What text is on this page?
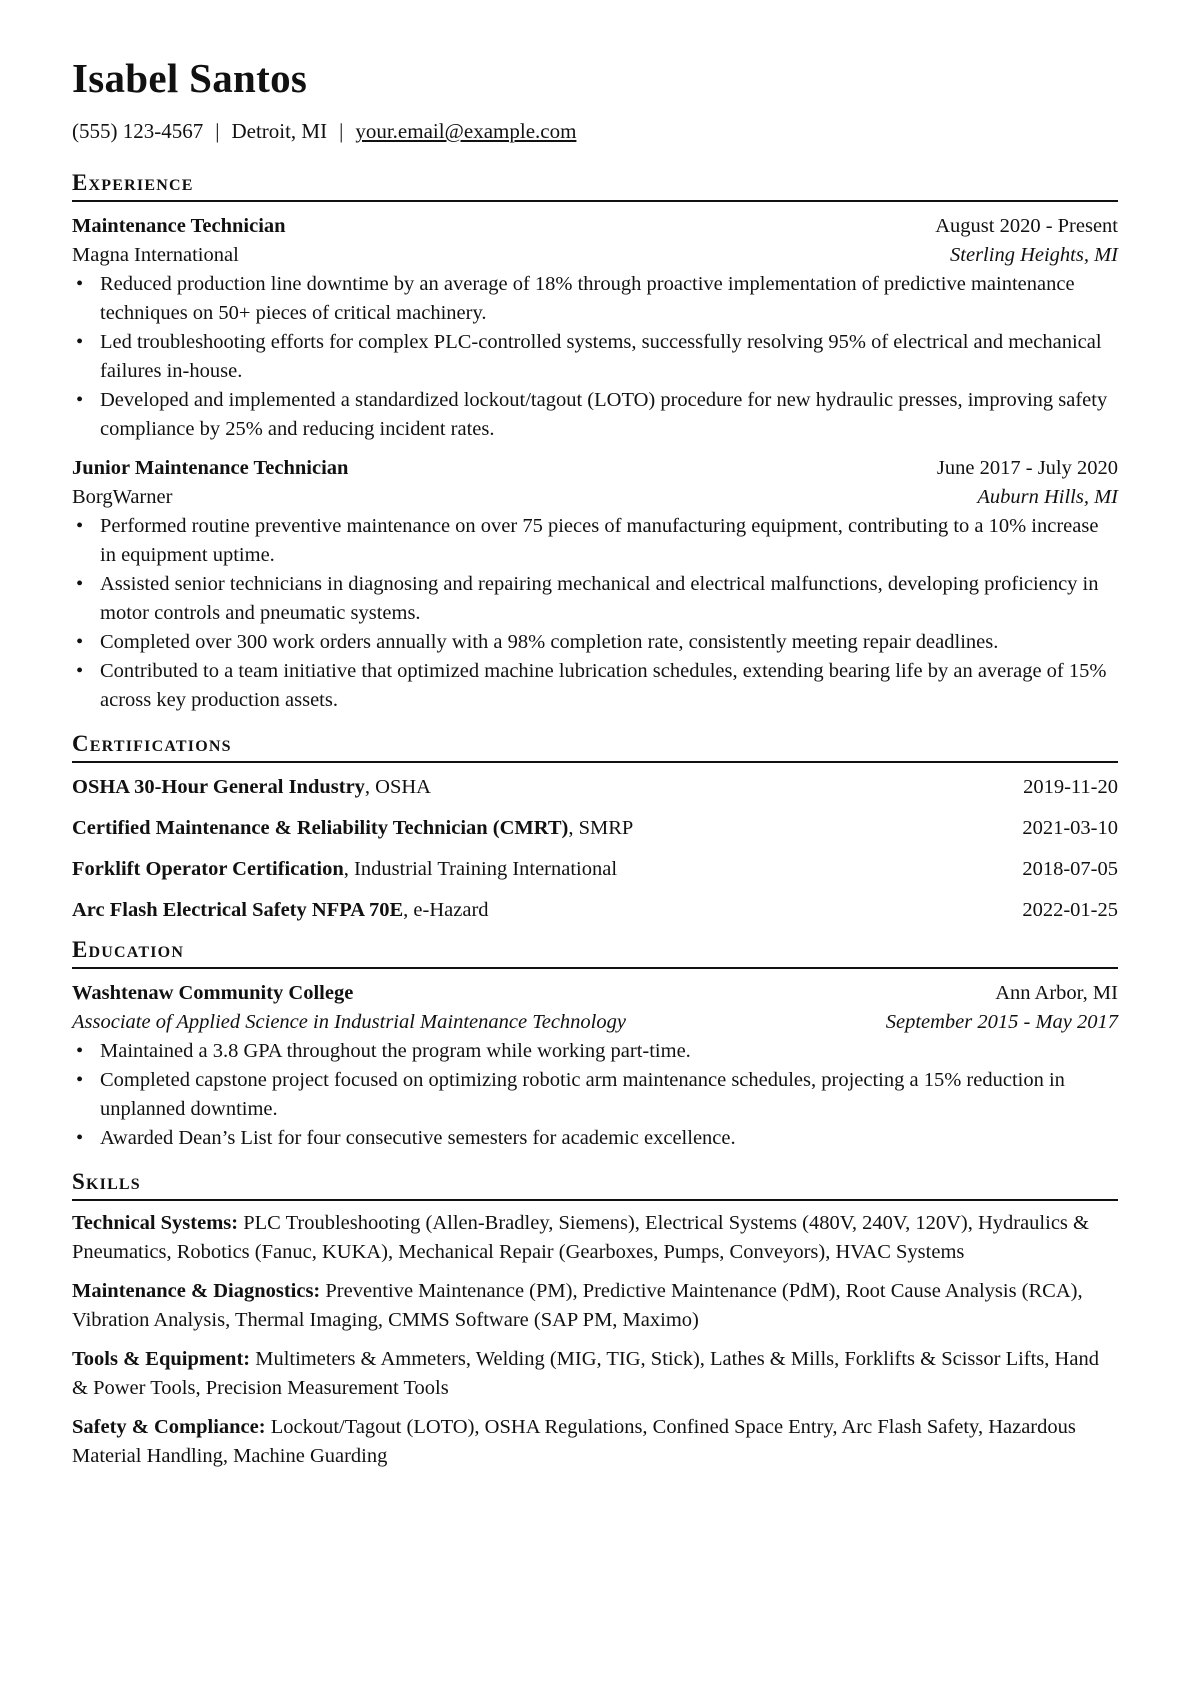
Isabel Santos
(555) 123-4567 | Detroit, MI | your.email@example.com
Experience
Maintenance Technician	August 2020 - Present
Magna International	Sterling Heights, MI
• Reduced production line downtime by an average of 18% through proactive implementation of predictive maintenance techniques on 50+ pieces of critical machinery.
• Led troubleshooting efforts for complex PLC-controlled systems, successfully resolving 95% of electrical and mechanical failures in-house.
• Developed and implemented a standardized lockout/tagout (LOTO) procedure for new hydraulic presses, improving safety compliance by 25% and reducing incident rates.
Junior Maintenance Technician	June 2017 - July 2020
BorgWarner	Auburn Hills, MI
• Performed routine preventive maintenance on over 75 pieces of manufacturing equipment, contributing to a 10% increase in equipment uptime.
• Assisted senior technicians in diagnosing and repairing mechanical and electrical malfunctions, developing proficiency in motor controls and pneumatic systems.
• Completed over 300 work orders annually with a 98% completion rate, consistently meeting repair deadlines.
• Contributed to a team initiative that optimized machine lubrication schedules, extending bearing life by an average of 15% across key production assets.
Certifications
OSHA 30-Hour General Industry, OSHA	2019-11-20
Certified Maintenance & Reliability Technician (CMRT), SMRP	2021-03-10
Forklift Operator Certification, Industrial Training International	2018-07-05
Arc Flash Electrical Safety NFPA 70E, e-Hazard	2022-01-25
Education
Washtenaw Community College	Ann Arbor, MI
Associate of Applied Science in Industrial Maintenance Technology	September 2015 - May 2017
• Maintained a 3.8 GPA throughout the program while working part-time.
• Completed capstone project focused on optimizing robotic arm maintenance schedules, projecting a 15% reduction in unplanned downtime.
• Awarded Dean’s List for four consecutive semesters for academic excellence.
Skills
Technical Systems: PLC Troubleshooting (Allen-Bradley, Siemens), Electrical Systems (480V, 240V, 120V), Hydraulics & Pneumatics, Robotics (Fanuc, KUKA), Mechanical Repair (Gearboxes, Pumps, Conveyors), HVAC Systems
Maintenance & Diagnostics: Preventive Maintenance (PM), Predictive Maintenance (PdM), Root Cause Analysis (RCA), Vibration Analysis, Thermal Imaging, CMMS Software (SAP PM, Maximo)
Tools & Equipment: Multimeters & Ammeters, Welding (MIG, TIG, Stick), Lathes & Mills, Forklifts & Scissor Lifts, Hand & Power Tools, Precision Measurement Tools
Safety & Compliance: Lockout/Tagout (LOTO), OSHA Regulations, Confined Space Entry, Arc Flash Safety, Hazardous Material Handling, Machine Guarding
